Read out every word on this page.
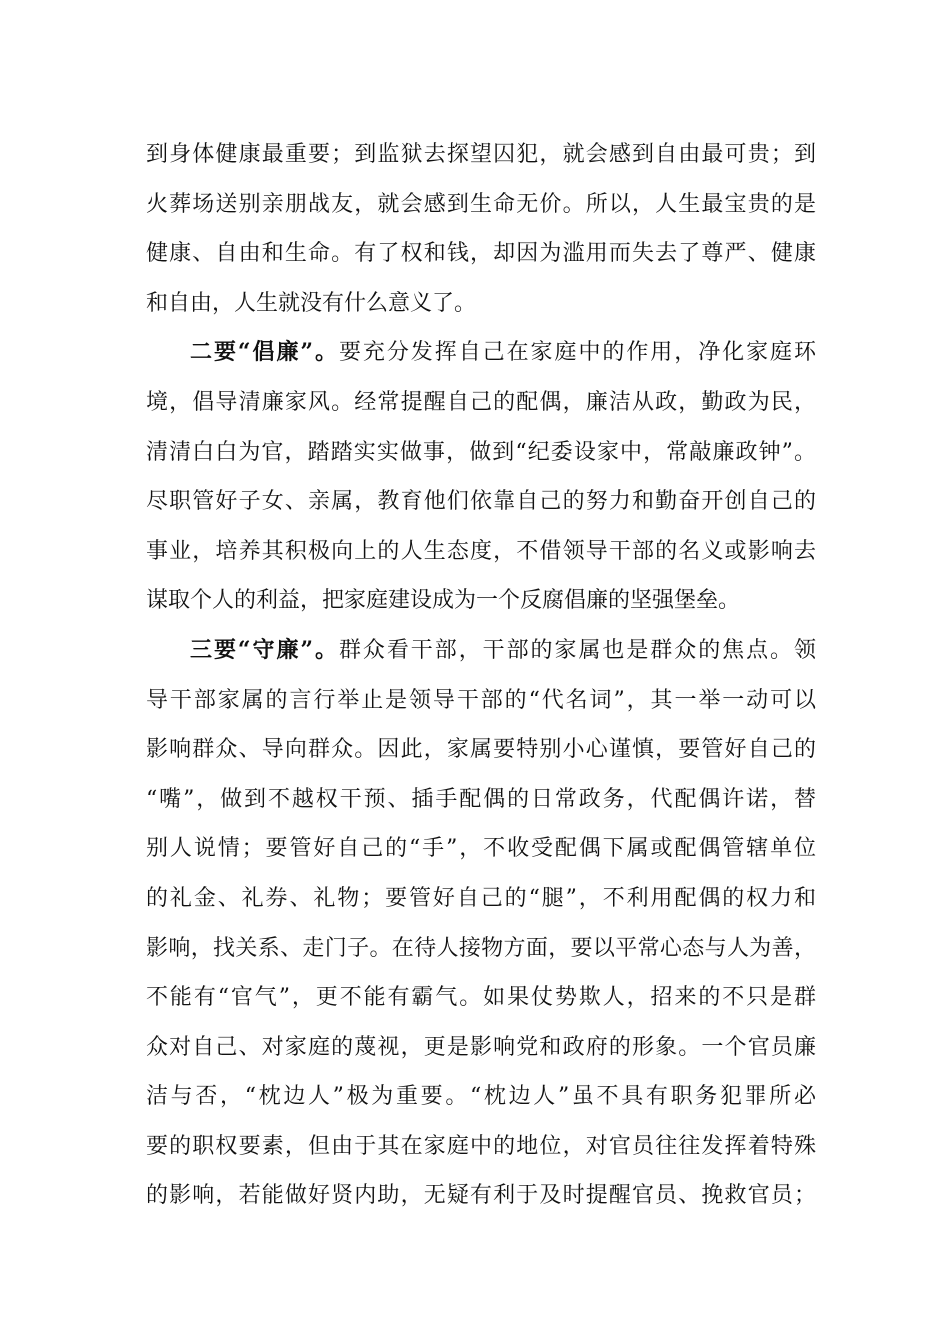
到身体健康最重要；到监狱去探望囚犯，就会感到自由最可贵；到
火葬场送别亲朋战友，就会感到生命无价。所以，人生最宝贵的是
健康、自由和生命。有了权和钱，却因为滥用而失去了尊严、健康
和自由，人生就没有什么意义了。
二要“倡廉”。要充分发挥自己在家庭中的作用，净化家庭环
境，倡导清廉家风。经常提醒自己的配偶，廉洁从政，勤政为民，
清清白白为官，踏踏实实做事，做到“纪委设家中，常敲廉政钟”。
尽职管好子女、亲属，教育他们依靠自己的努力和勤奋开创自己的
事业，培养其积极向上的人生态度，不借领导干部的名义或影响去
谋取个人的利益，把家庭建设成为一个反腐倡廉的坚强堡垒。
三要“守廉”。群众看干部，干部的家属也是群众的焦点。领
导干部家属的言行举止是领导干部的“代名词”，其一举一动可以
影响群众、导向群众。因此，家属要特别小心谨慎，要管好自己的
“嘴”，做到不越权干预、插手配偶的日常政务，代配偶许诺，替
别人说情；要管好自己的“手”，不收受配偶下属或配偶管辖单位
的礼金、礼券、礼物；要管好自己的“腿”，不利用配偶的权力和
影响，找关系、走门子。在待人接物方面，要以平常心态与人为善，
不能有“官气”，更不能有霸气。如果仗势欺人，招来的不只是群
众对自己、对家庭的蔑视，更是影响党和政府的形象。一个官员廉
洁与否，“枕边人”极为重要。“枕边人”虽不具有职务犯罪所必
要的职权要素，但由于其在家庭中的地位，对官员往往发挥着特殊
的影响，若能做好贤内助，无疑有利于及时提醒官员、挽救官员；
